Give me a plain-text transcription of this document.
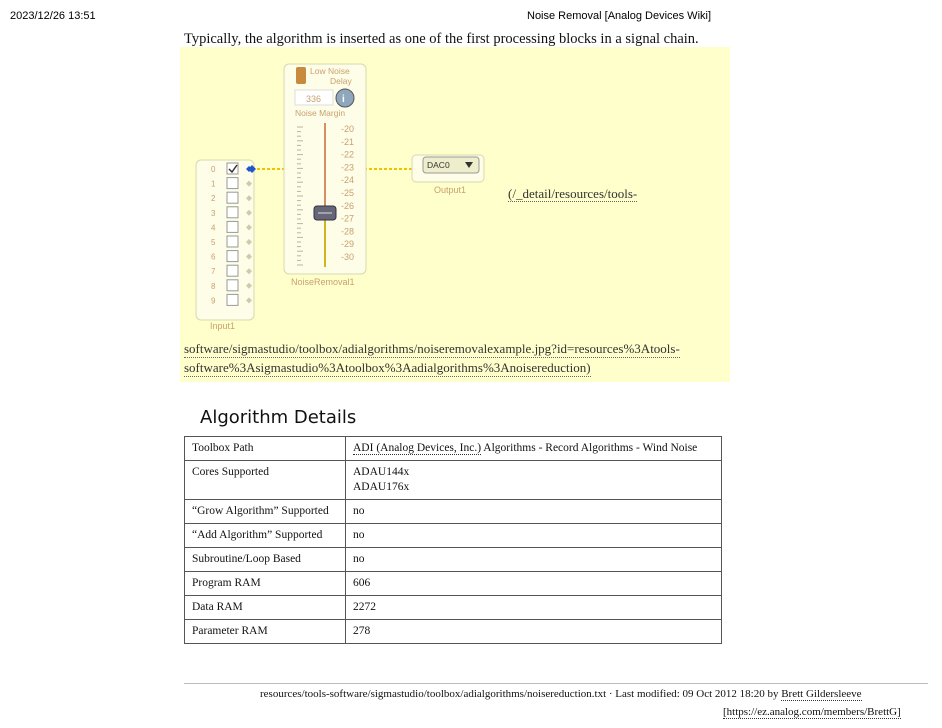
2023/12/26 13:51	Noise Removal [Analog Devices Wiki]
Typically, the algorithm is inserted as one of the first processing blocks in a signal chain.
0
1
2
3
4
5
6
7
8
9
Input1
Low Noise
Delay
336 i
Noise Margin
-20
-21
-22
-23
-24
-25
-26
-27
-28
-29
-30
NoiseRemoval1
DAC0
Output1	(/_detail/resources/tools-
software/sigmastudio/toolbox/adialgorithms/noiseremovalexample.jpg?id=resources%3Atools-
software%3Asigmastudio%3Atoolbox%3Aadialgorithms%3Anoisereduction)
Algorithm Details
Toolbox Path	ADI (Analog Devices, Inc.) Algorithms - Record Algorithms - Wind Noise
Cores Supported	ADAU144x
ADAU176x

“Grow Algorithm” Supported	no
“Add Algorithm” Supported	no
Subroutine/Loop Based	no
Program RAM	606
Data RAM	2272
Parameter RAM	278
resources/tools-software/sigmastudio/toolbox/adialgorithms/noisereduction.txt · Last modified: 09 Oct 2012 18:20 by Brett Gildersleeve
[https://ez.analog.com/members/BrettG]
